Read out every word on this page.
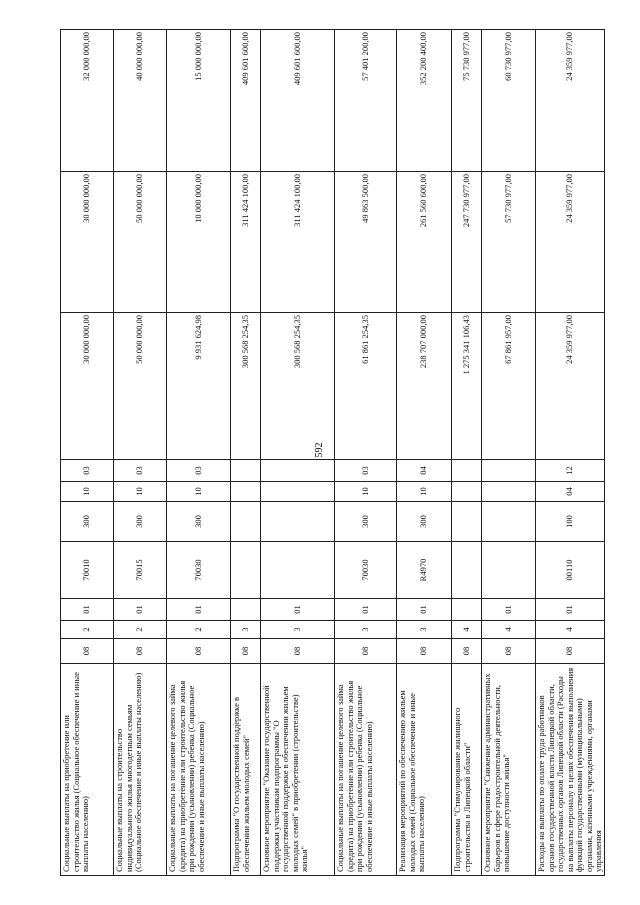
592
Социальные выплаты на приобретение или строительство жилья (Социальное обеспечение и иные выплаты населению)	08	2	01	70010	300	10	03	30 000 000,00	30 000 000,00	32 000 000,00
Социальные выплаты на строительство индивидуального жилья многодетным семьям (Социальное обеспечение и иные выплаты населению)	08	2	01	70015	300	10	03	50 000 000,00	50 000 000,00	40 000 000,00
Социальные выплаты на погашение целевого займа (кредита) на приобретение или строительство жилья при рождении (усыновлении) ребенка (Социальное обеспечение и иные выплаты населению)	08	2	01	70030	300	10	03	9 931 624,98	10 000 000,00	15 000 000,00
Подпрограмма "О государственной поддержке в обеспечении жильем молодых семей"	08	3						300 568 254,35	311 424 100,00	409 601 600,00
Основное мероприятие "Оказание государственной поддержки участникам подпрограммы "О государственной поддержке в обеспечении жильем молодых семей" в приобретении (строительстве) жилья"	08	3	01					300 568 254,35	311 424 100,00	409 601 600,00
Социальные выплаты на погашение целевого займа (кредита) на приобретение или строительство жилья при рождении (усыновлении) ребенка (Социальное обеспечение и иные выплаты населению)	08	3	01	70030	300	10	03	61 861 254,35	49 863 500,00	57 401 200,00
Реализация мероприятий по обеспечению жильем молодых семей (Социальное обеспечение и иные выплаты населению)	08	3	01	R4970	300	10	04	238 707 000,00	261 560 600,00	352 200 400,00
Подпрограмма "Стимулирование жилищного строительства в Липецкой области"	08	4						1 275 341 106,43	247 730 977,00	75 730 977,00
Основное мероприятие "Снижение административных барьеров в сфере градостроительной деятельности, повышение доступности жилья"	08	4	01					67 861 957,00	57 730 977,00	60 730 977,00
Расходы на выплаты по оплате труда работников органов государственной власти Липецкой области, государственных органов Липецкой области (Расходы на выплаты персоналу в целях обеспечения выполнения функций государственными (муниципальными) органами, казенными учреждениями, органами управления	08	4	01	00110	100	04	12	24 359 977,00	24 359 977,00	24 359 977,00
